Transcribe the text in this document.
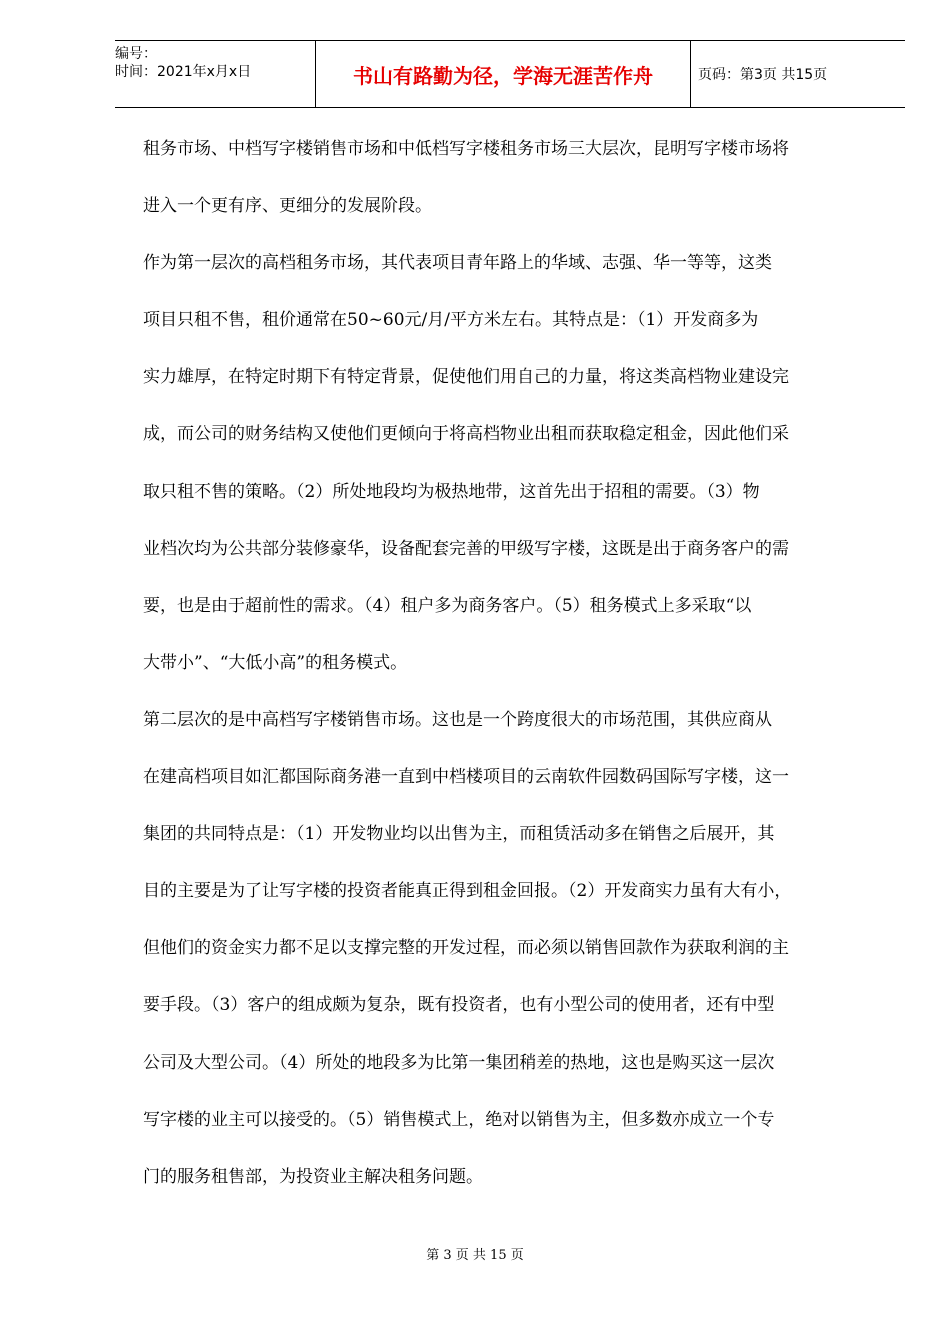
编号：
时间：2021年x月x日	书山有路勤为径，学海无涯苦作舟	页码：第3页 共15页
租务市场、中档写字楼销售市场和中低档写字楼租务市场三大层次，昆明写字楼市场将
进入一个更有序、更细分的发展阶段。
作为第一层次的高档租务市场，其代表项目青年路上的华域、志强、华一等等，这类
项目只租不售，租价通常在50~60元/月/平方米左右。其特点是：（1）开发商多为
实力雄厚，在特定时期下有特定背景，促使他们用自己的力量，将这类高档物业建设完
成，而公司的财务结构又使他们更倾向于将高档物业出租而获取稳定租金，因此他们采
取只租不售的策略。（2）所处地段均为极热地带，这首先出于招租的需要。（3）物
业档次均为公共部分装修豪华，设备配套完善的甲级写字楼，这既是出于商务客户的需
要，也是由于超前性的需求。（4）租户多为商务客户。（5）租务模式上多采取“以
大带小”、“大低小高”的租务模式。
第二层次的是中高档写字楼销售市场。这也是一个跨度很大的市场范围，其供应商从
在建高档项目如汇都国际商务港一直到中档楼项目的云南软件园数码国际写字楼，这一
集团的共同特点是：（1）开发物业均以出售为主，而租赁活动多在销售之后展开，其
目的主要是为了让写字楼的投资者能真正得到租金回报。（2）开发商实力虽有大有小，
但他们的资金实力都不足以支撑完整的开发过程，而必须以销售回款作为获取利润的主
要手段。（3）客户的组成颇为复杂，既有投资者，也有小型公司的使用者，还有中型
公司及大型公司。（4）所处的地段多为比第一集团稍差的热地，这也是购买这一层次
写字楼的业主可以接受的。（5）销售模式上，绝对以销售为主，但多数亦成立一个专
门的服务租售部，为投资业主解决租务问题。
第 3 页 共 15 页
